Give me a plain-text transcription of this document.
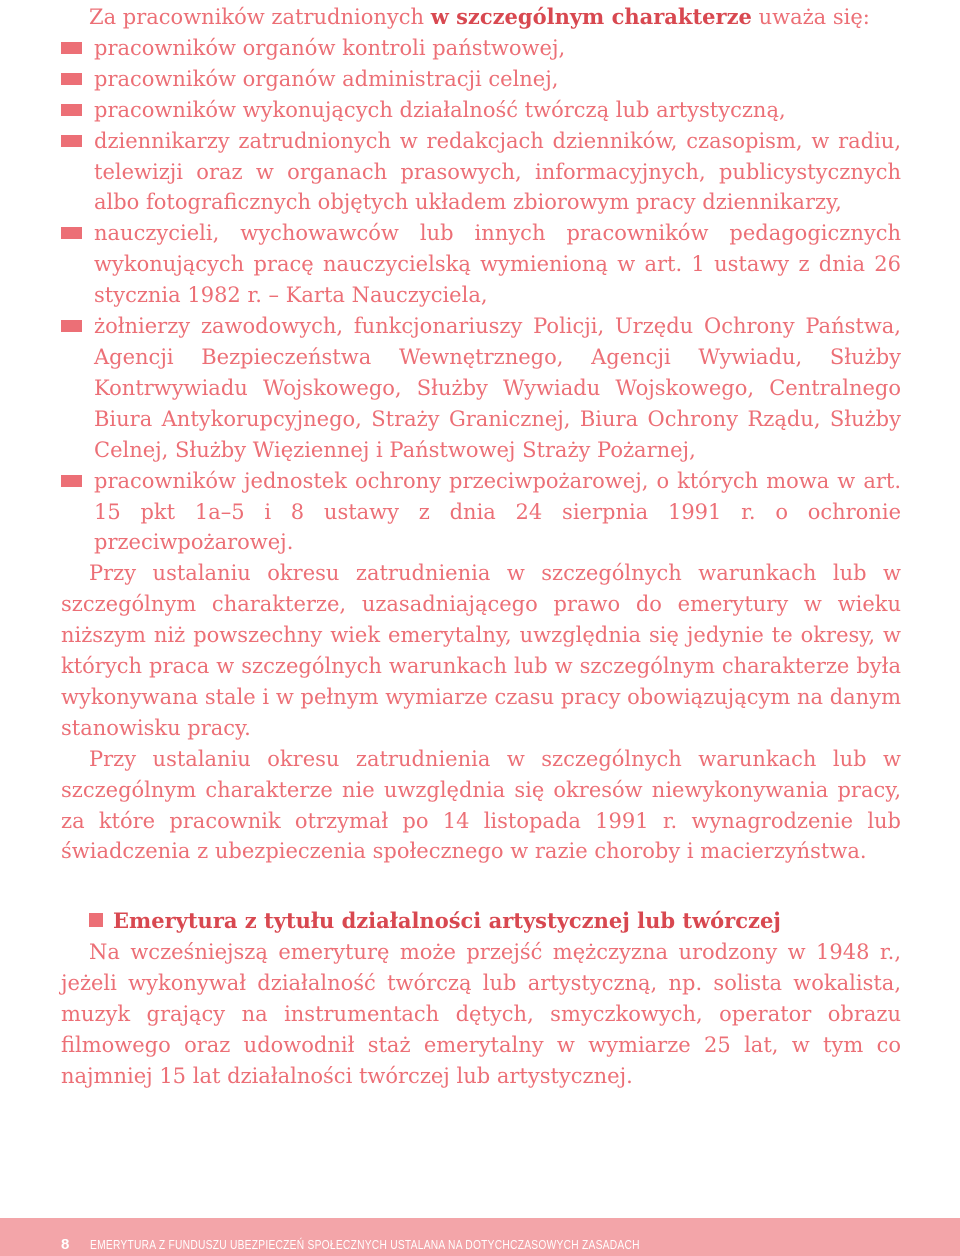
Za pracowników zatrudnionych w szczególnym charakterze uważa się:

pracowników organów kontroli państwowej,
pracowników organów administracji celnej,
pracowników wykonujących działalność twórczą lub artystyczną,
dziennikarzy zatrudnionych w redakcjach dzienników, czasopism, w radiu, telewizji oraz w organach prasowych, informacyjnych, publicystycznych albo fotograficznych objętych układem zbiorowym pracy dziennikarzy,
nauczycieli, wychowawców lub innych pracowników pedagogicznych wykonujących pracę nauczycielską wymienioną w art. 1 ustawy z dnia 26 stycznia 1982 r. – Karta Nauczyciela,
żołnierzy zawodowych, funkcjonariuszy Policji, Urzędu Ochrony Państwa, Agencji Bezpieczeństwa Wewnętrznego, Agencji Wywiadu, Służby Kontrwywiadu Wojskowego, Służby Wywiadu Wojskowego, Centralnego Biura Antykorupcyjnego, Straży Granicznej, Biura Ochrony Rządu, Służby Celnej, Służby Więziennej i Państwowej Straży Pożarnej,
pracowników jednostek ochrony przeciwpożarowej, o których mowa w art. 15 pkt 1a–5 i 8 ustawy z dnia 24 sierpnia 1991 r. o ochronie przeciwpożarowej.

Przy ustalaniu okresu zatrudnienia w szczególnych warunkach lub w szczególnym charakterze, uzasadniającego prawo do emerytury w wieku niższym niż powszechny wiek emerytalny, uwzględnia się jedynie te okresy, w których praca w szczególnych warunkach lub w szczególnym charakterze była wykonywana stale i w pełnym wymiarze czasu pracy obowiązującym na danym stanowisku pracy.

Przy ustalaniu okresu zatrudnienia w szczególnych warunkach lub w szczególnym charakterze nie uwzględnia się okresów niewykonywania pracy, za które pracownik otrzymał po 14 listopada 1991 r. wynagrodzenie lub świadczenia z ubezpieczenia społecznego w razie choroby i macierzyństwa.

Emerytura z tytułu działalności artystycznej lub twórczej

Na wcześniejszą emeryturę może przejść mężczyzna urodzony w 1948 r., jeżeli wykonywał działalność twórczą lub artystyczną, np. solista wokalista, muzyk grający na instrumentach dętych, smyczkowych, operator obrazu filmowego oraz udowodnił staż emerytalny w wymiarze 25 lat, w tym co najmniej 15 lat działalności twórczej lub artystycznej.

8 EMERYTURA Z FUNDUSZU UBEZPIECZEŃ SPOŁECZNYCH USTALANA NA DOTYCHCZASOWYCH ZASADACH
